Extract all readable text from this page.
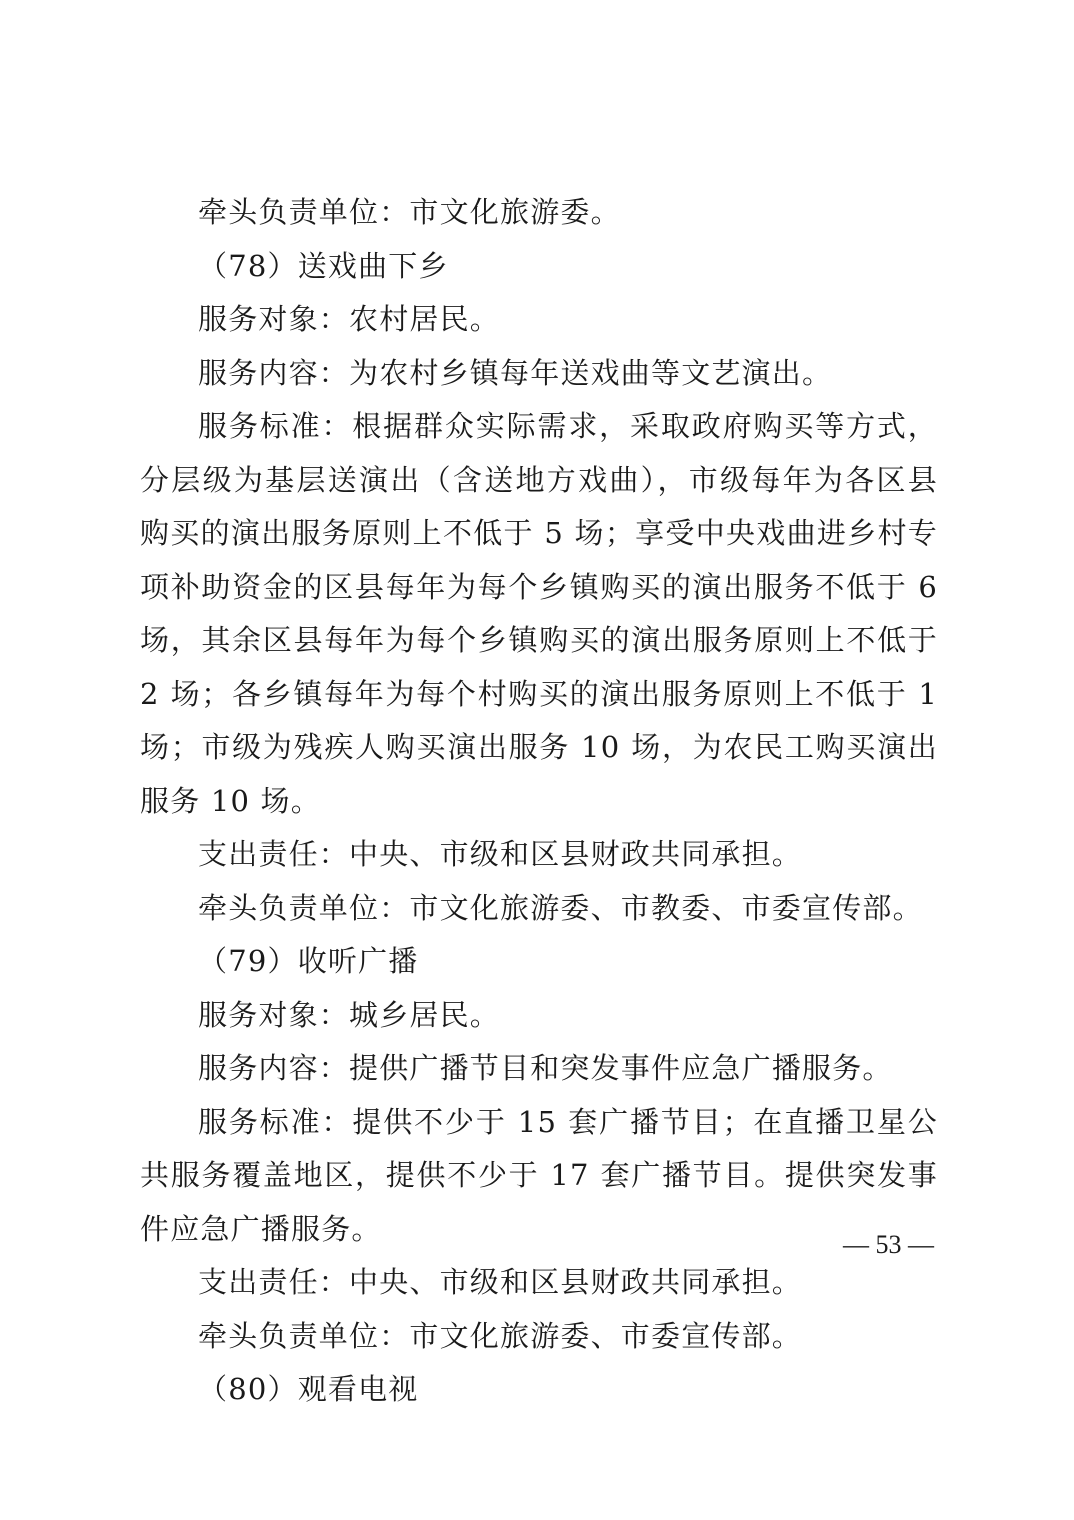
牵头负责单位：市文化旅游委。

（78）送戏曲下乡

服务对象：农村居民。

服务内容：为农村乡镇每年送戏曲等文艺演出。

服务标准：根据群众实际需求，采取政府购买等方式，分层级为基层送演出（含送地方戏曲），市级每年为各区县购买的演出服务原则上不低于 5 场；享受中央戏曲进乡村专项补助资金的区县每年为每个乡镇购买的演出服务不低于 6 场，其余区县每年为每个乡镇购买的演出服务原则上不低于 2 场；各乡镇每年为每个村购买的演出服务原则上不低于 1 场；市级为残疾人购买演出服务 10 场，为农民工购买演出服务 10 场。

支出责任：中央、市级和区县财政共同承担。

牵头负责单位：市文化旅游委、市教委、市委宣传部。

（79）收听广播

服务对象：城乡居民。

服务内容：提供广播节目和突发事件应急广播服务。

服务标准：提供不少于 15 套广播节目；在直播卫星公共服务覆盖地区，提供不少于 17 套广播节目。提供突发事件应急广播服务。

支出责任：中央、市级和区县财政共同承担。

牵头负责单位：市文化旅游委、市委宣传部。

（80）观看电视

— 53 —
